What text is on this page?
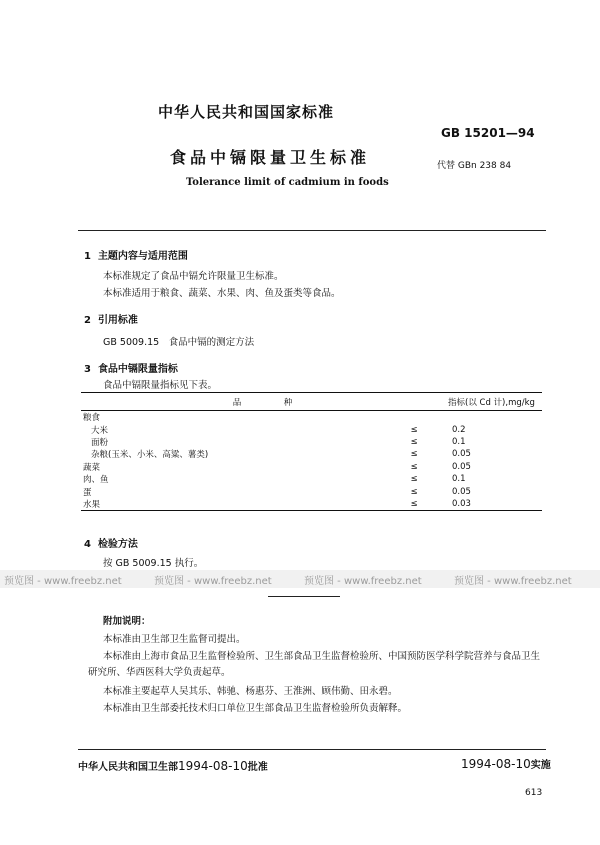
中华人民共和国国家标准
GB 15201—94
食品中镉限量卫生标准	代替 GBn 238 84
Tolerance limit of cadmium in foods
1 主题内容与适用范围
本标准规定了食品中镉允许限量卫生标准。
本标准适用于粮食、蔬菜、水果、肉、鱼及蛋类等食品。
2 引用标准
GB 5009.15　食品中镉的测定方法
3 食品中镉限量指标
食品中镉限量指标见下表。
品　　　　　种		指标(以 Cd 计),mg/kg
粮食		
大米	≤	0.2
面粉	≤	0.1
杂粮(玉米、小米、高粱、薯类)	≤	0.05
蔬菜	≤	0.05
肉、鱼	≤	0.1
蛋	≤	0.05
水果	≤	0.03
4 检验方法
按 GB 5009.15 执行。
预览图 - www.freebz.net	预览图 - www.freebz.net	预览图 - www.freebz.net	预览图 - www.freebz.net
附加说明：
本标准由卫生部卫生监督司提出。
本标准由上海市食品卫生监督检验所、卫生部食品卫生监督检验所、中国预防医学科学院营养与食品卫生研究所、华西医科大学负责起草。
本标准主要起草人吴其乐、韩驰、杨惠芬、王淮洲、顾伟勤、田永碧。
本标准由卫生部委托技术归口单位卫生部食品卫生监督检验所负责解释。
中华人民共和国卫生部1994-08-10批准	1994-08-10实施
613
